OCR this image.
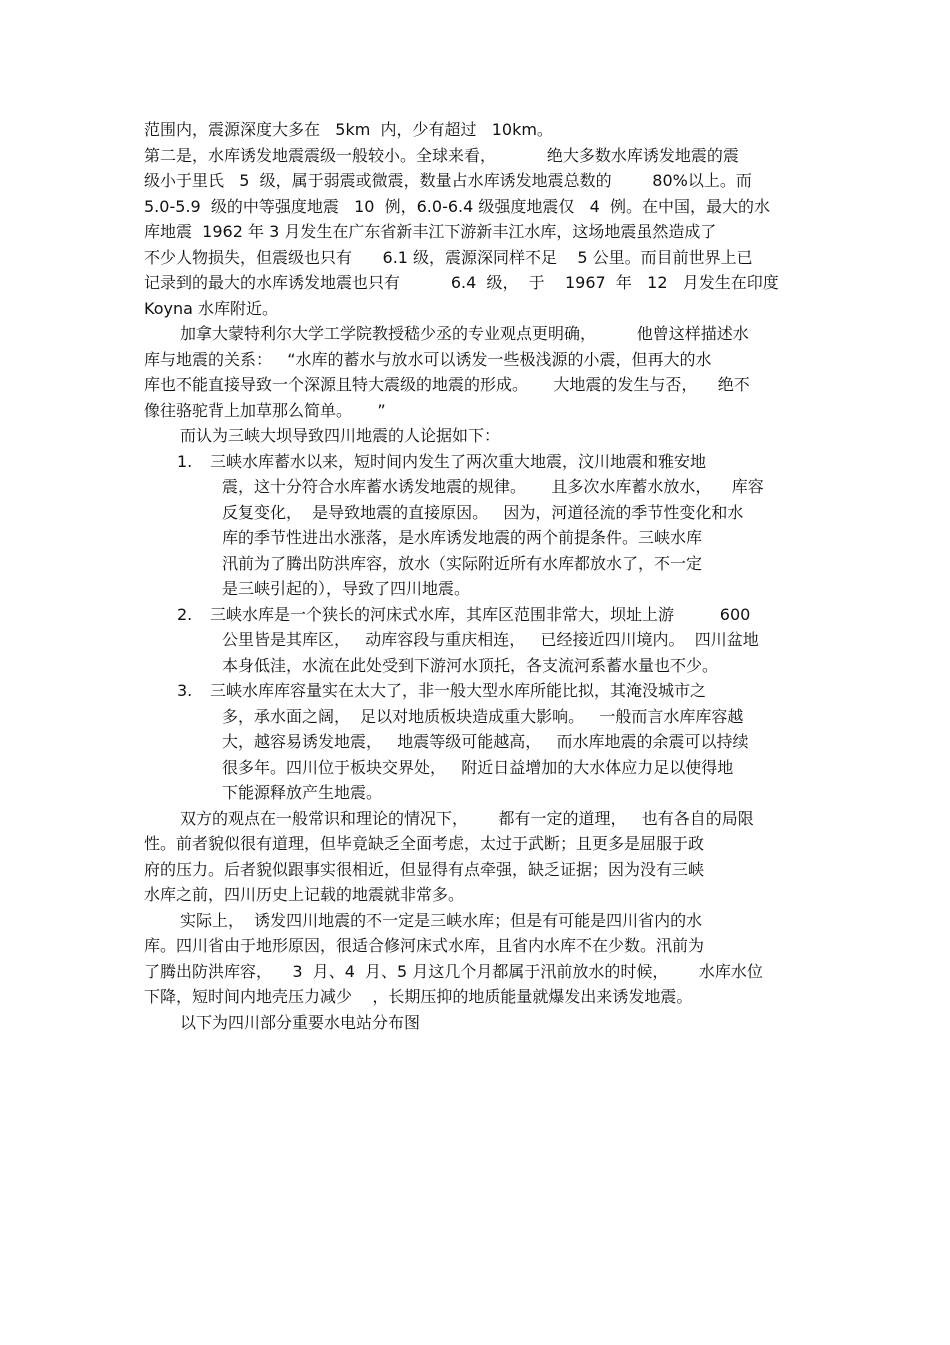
范围内，震源深度大多在   5km  内，少有超过   10km。
第二是，水库诱发地震震级一般较小。全球来看，          绝大多数水库诱发地震的震
级小于里氏   5  级，属于弱震或微震，数量占水库诱发地震总数的        80%以上。而
5.0-5.9  级的中等强度地震   10  例，6.0-6.4 级强度地震仅   4  例。在中国，最大的水
库地震  1962 年 3 月发生在广东省新丰江下游新丰江水库，这场地震虽然造成了
不少人物损失，但震级也只有      6.1 级，震源深同样不足    5 公里。而目前世界上已
记录到的最大的水库诱发地震也只有          6.4  级，  于    1967  年   12   月发生在印度
Koyna 水库附近。
加拿大蒙特利尔大学工学院教授嵇少丞的专业观点更明确，        他曾这样描述水
库与地震的关系：   “水库的蓄水与放水可以诱发一些极浅源的小震，但再大的水
库也不能直接导致一个深源且特大震级的地震的形成。     大地震的发生与否，    绝不
像往骆驼背上加草那么简单。     ”
而认为三峡大坝导致四川地震的人论据如下：
1. 三峡水库蓄水以来，短时间内发生了两次重大地震，汶川地震和雅安地
震，这十分符合水库蓄水诱发地震的规律。     且多次水库蓄水放水，    库容
反复变化，  是导致地震的直接原因。   因为，河道径流的季节性变化和水
库的季节性进出水涨落，是水库诱发地震的两个前提条件。三峡水库
汛前为了腾出防洪库容，放水（实际附近所有水库都放水了，不一定
是三峡引起的），导致了四川地震。
2. 三峡水库是一个狭长的河床式水库，其库区范围非常大，坝址上游         600
公里皆是其库区，   动库容段与重庆相连，   已经接近四川境内。  四川盆地
本身低洼，水流在此处受到下游河水顶托，各支流河系蓄水量也不少。
3. 三峡水库库容量实在太大了，非一般大型水库所能比拟，其淹没城市之
多，承水面之阔，  足以对地质板块造成重大影响。   一般而言水库库容越
大，越容易诱发地震，   地震等级可能越高，   而水库地震的余震可以持续
很多年。四川位于板块交界处，   附近日益增加的大水体应力足以使得地
下能源释放产生地震。
双方的观点在一般常识和理论的情况下，      都有一定的道理，   也有各自的局限
性。前者貌似很有道理，但毕竟缺乏全面考虑，太过于武断；且更多是屈服于政
府的压力。后者貌似跟事实很相近，但显得有点牵强，缺乏证据；因为没有三峡
水库之前，四川历史上记载的地震就非常多。
实际上，  诱发四川地震的不一定是三峡水库；但是有可能是四川省内的水
库。四川省由于地形原因，很适合修河床式水库，且省内水库不在少数。汛前为
了腾出防洪库容，    3  月、4  月、5 月这几个月都属于汛前放水的时候，      水库水位
下降，短时间内地壳压力减少    ，长期压抑的地质能量就爆发出来诱发地震。
以下为四川部分重要水电站分布图
